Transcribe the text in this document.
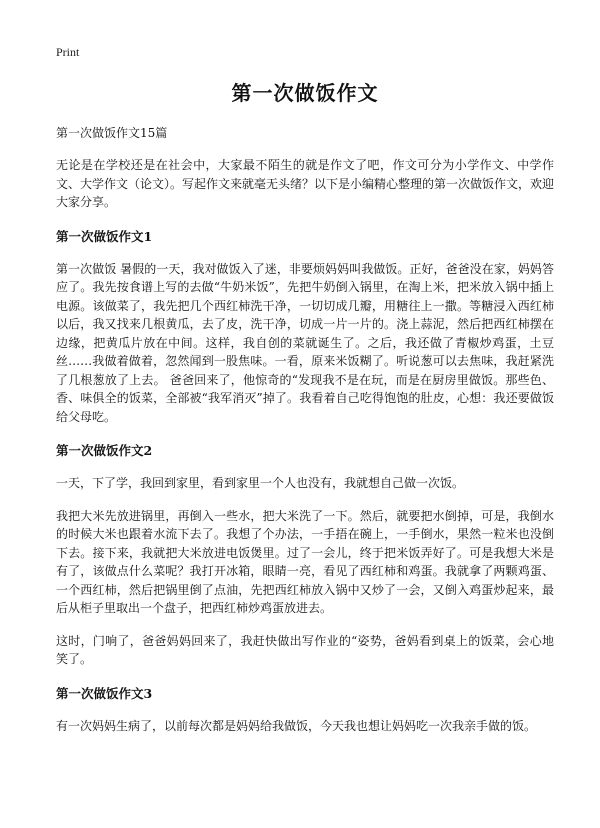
Print
第一次做饭作文
第一次做饭作文15篇

无论是在学校还是在社会中，大家最不陌生的就是作文了吧，作文可分为小学作文、中学作文、大学作文（论文）。写起作文来就毫无头绪？以下是小编精心整理的第一次做饭作文，欢迎大家分享。

第一次做饭作文1

第一次做饭 暑假的一天，我对做饭入了迷，非要烦妈妈叫我做饭。正好，爸爸没在家，妈妈答应了。我先按食谱上写的去做“牛奶米饭”，先把牛奶倒入锅里，在淘上米，把米放入锅中插上电源。该做菜了，我先把几个西红柿洗干净，一切切成几瓣，用糖往上一撒。等糖浸入西红柿以后，我又找来几根黄瓜，去了皮，洗干净，切成一片一片的。浇上蒜泥，然后把西红柿摆在边缘，把黄瓜片放在中间。这样，我自创的菜就诞生了。之后，我还做了青椒炒鸡蛋，土豆丝……我做着做着，忽然闻到一股焦味。一看，原来米饭糊了。听说葱可以去焦味，我赶紧洗了几根葱放了上去。 爸爸回来了，他惊奇的“发现我不是在玩，而是在厨房里做饭。那些色、香、味俱全的饭菜，全部被“我军消灭”掉了。我看着自己吃得饱饱的肚皮，心想：我还要做饭给父母吃。

第一次做饭作文2

一天，下了学，我回到家里，看到家里一个人也没有，我就想自己做一次饭。

我把大米先放进锅里，再倒入一些水，把大米洗了一下。然后，就要把水倒掉，可是，我倒水的时候大米也跟着水流下去了。我想了个办法，一手捂在碗上，一手倒水，果然一粒米也没倒下去。接下来，我就把大米放进电饭煲里。过了一会儿，终于把米饭弄好了。可是我想大米是有了，该做点什么菜呢？我打开冰箱，眼睛一亮，看见了西红柿和鸡蛋。我就拿了两颗鸡蛋、一个西红柿，然后把锅里倒了点油，先把西红柿放入锅中又炒了一会，又倒入鸡蛋炒起来，最后从柜子里取出一个盘子，把西红柿炒鸡蛋放进去。

这时，门响了，爸爸妈妈回来了，我赶快做出写作业的“姿势，爸妈看到桌上的饭菜，会心地笑了。

第一次做饭作文3

有一次妈妈生病了，以前每次都是妈妈给我做饭，今天我也想让妈妈吃一次我亲手做的饭。
